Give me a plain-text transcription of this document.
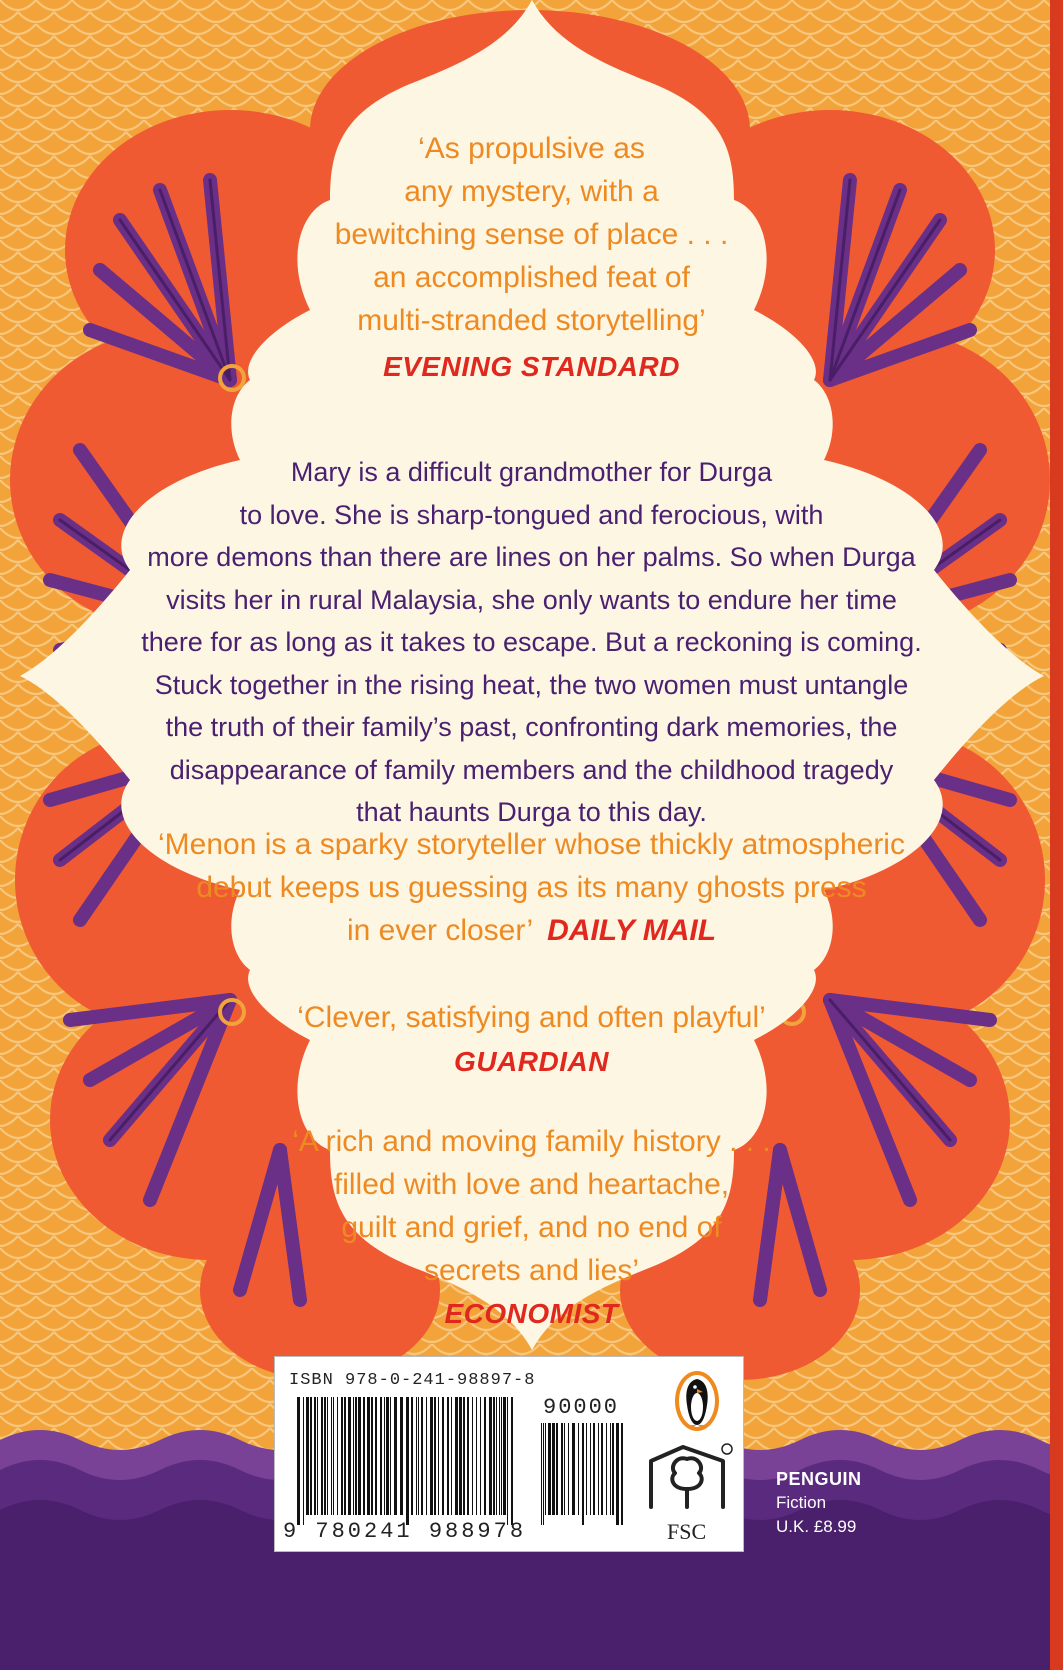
‘As propulsive as
any mystery, with a
bewitching sense of place . . .
an accomplished feat of
multi-stranded storytelling’
EVENING STANDARD
Mary is a difficult grandmother for Durga
to love. She is sharp-tongued and ferocious, with
more demons than there are lines on her palms. So when Durga
visits her in rural Malaysia, she only wants to endure her time
there for as long as it takes to escape. But a reckoning is coming.
Stuck together in the rising heat, the two women must untangle
the truth of their family’s past, confronting dark memories, the
disappearance of family members and the childhood tragedy
that haunts Durga to this day.
‘Menon is a sparky storyteller whose thickly atmospheric
debut keeps us guessing as its many ghosts press
in ever closer’ DAILY MAIL
‘Clever, satisfying and often playful’
GUARDIAN
‘A rich and moving family history . . .
filled with love and heartache,
guilt and grief, and no end of
secrets and lies’
ECONOMIST
ISBN 978-0-241-98897-8
90000
9 780241 988978	FSC
PENGUIN
Fiction
U.K. £8.99
